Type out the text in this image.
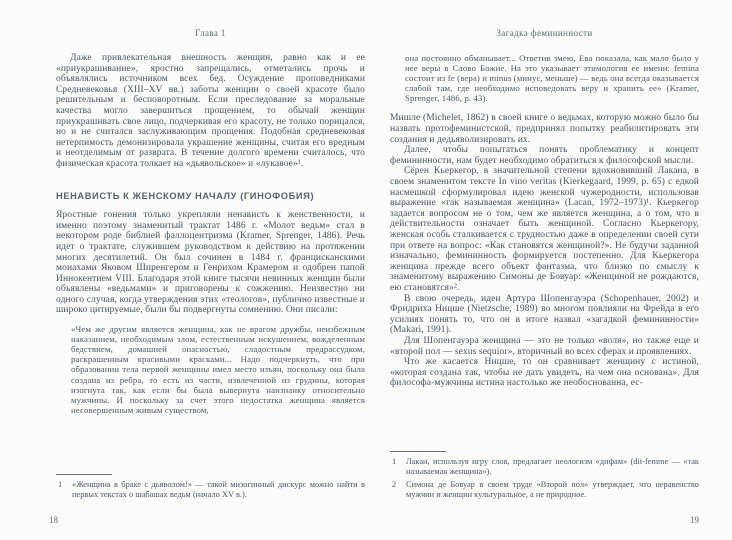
Глава 1

Даже привлекательная внешность женщин, равно как и ее «приукрашивание», яростно запрещались, отметались прочь и объявлялись источником всех бед. Осуждение проповедниками Средневековья (XIII–XV вв.) заботы женщин о своей красоте было решительным и бесповоротным. Если преследование за моральные качества могло завершиться прощением, то обычай женщин приукрашивать свое лицо, подчеркивая его красоту, не только порицался, но и не считался заслуживающим прощения. Подобная средневековая нетерпимость демонизировала украшение женщины, считая его вредным и неотделимым от разврата. В течение долгого времени считалось, что физическая красота толкает на «дьявольское» и «лукавое»¹.

НЕНАВИСТЬ К ЖЕНСКОМУ НАЧАЛУ (ГИНОФОБИЯ)

Яростные гонения только укрепляли ненависть к женственности, и именно поэтому знаменитый трактат 1486 г. «Молот ведьм» стал в некотором роде библией фаллоцентризма (Kramer, Sprenger, 1486). Речь идет о трактате, служившем руководством к действию на протяжении многих десятилетий. Он был сочинен в 1484 г. францисканскими монахами Яковом Шпренгером и Генрихом Крамером и одобрен папой Иннокентием VIII. Благодаря этой книге тысячи невинных женщин были объявлены «ведьмами» и приговорены к сожжению. Неизвестно ни одного случая, когда утверждения этих «теологов», публично известные и широко цитируемые, были бы подвергнуты сомнению. Они писали:

«Чем же другим является женщина, как не врагом дружбы, неизбежным наказанием, необходимым злом, естественным искушением, вожделенным бедствием, домашней опасностью, сладостным предрассудком, раскрашенным красивыми красками... Надо подчеркнуть, что при образовании тела первой женщины имел место изъян, поскольку она была создана из ребра, то есть из части, извлеченной из грудины, которая изогнута так, как если бы была вывернута наизнанку относительно мужчины. И поскольку за счет этого недостатка женщина является несовершенным живым существом,
1	«Женщина в браке с дьяволом!» — такой мизогинный дискурс можно найти в первых текстах о шабашах ведьм (начало XV в.).
18
Загадка фемининности
она постоянно обманывает... Ответив змею, Ева показала, как мало было у нее веры в Слово Божие. На это указывает этимология ее имени: femina состоит из fe (вера) и minus (минус, меньше) — ведь она всегда оказывается слабой там, где необходимо исповедовать веру и хранить ее» (Kramer, Sprenger, 1486, p. 43).

Мишле (Michelet, 1862) в своей книге о ведьмах, которую можно было бы назвать протофеминистской, предпринял попытку реабилитировать эти создания и дедьяволизировать их.

Далее, чтобы попытаться понять проблематику и концепт фемининности, нам будет необходимо обратиться к философской мысли.

Сёрен Кьеркегор, в значительной степени вдохновивший Лакана, в своем знаменитом тексте In vino veritas (Kierkegaard, 1999, p. 65) с едкой насмешкой сформулировал идею женской чужеродности, использовав выражение «так называемая женщина» (Lacan, 1972–1973)¹. Кьеркегор задается вопросом не о том, чем же является женщина, а о том, что в действительности означает быть женщиной. Согласно Кьеркегору, женская особь сталкивается с трудностью даже в определении своей сути при ответе на вопрос: «Как становятся женщиной?». Не будучи заданной изначально, фемининность формируется постепенно. Для Кьеркегора женщина прежде всего объект фантазма, что близко по смыслу к знаменитому выражению Симоны де Бовуар: «Женщиной не рождаются, ею становятся»².

В свою очередь, идеи Артура Шопенгауэра (Schopenhauer, 2002) и Фридриха Ницше (Nietzsche, 1989) во многом повлияли на Фрейда в его усилиях понять то, что он в итоге назвал «загадкой фемининности» (Makari, 1991).

Для Шопенгауэра женщина — это не только «воля», но также еще и «второй пол — sexus sequior», вторичный во всех сферах и проявлениях.

Что же касается Ницше, то он сравнивает женщину с истиной, «которая создана так, чтобы не дать увидеть, на чем она основана». Для философа-мужчины истина настолько же необоснованна, ес-

1	Лакан, используя игру слов, предлагает неологизм «дифам» (dit-femme — «так называемая женщина»).
2	Симона де Бовуар в своем труде «Второй пол» утверждает, что неравенство мужчин и женщин культуральное, а не природное.
19
